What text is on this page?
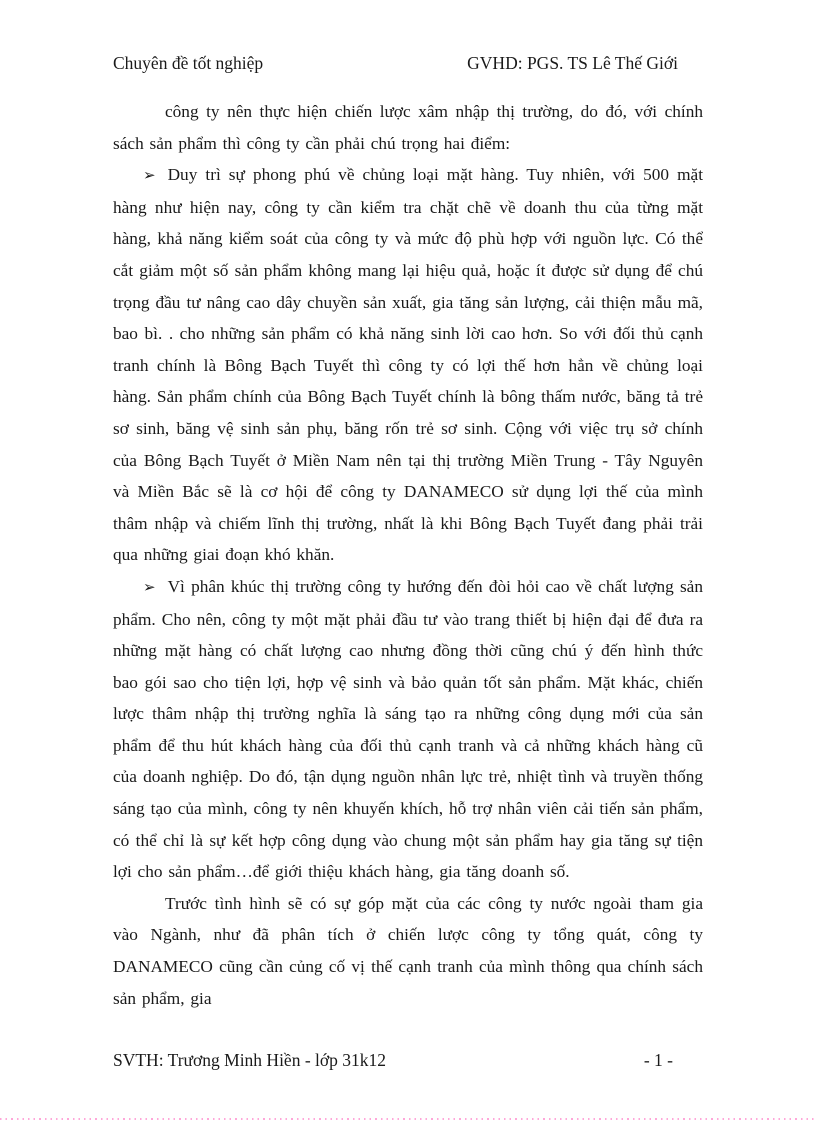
Chuyên đề tốt nghiệp	GVHD: PGS. TS Lê Thế Giới

công ty nên thực hiện chiến lược xâm nhập thị trường, do đó, với chính sách sản phẩm thì công ty cần phải chú trọng hai điểm:

➢ Duy trì sự phong phú về chủng loại mặt hàng. Tuy nhiên, với 500 mặt hàng như hiện nay, công ty cần kiểm tra chặt chẽ về doanh thu của từng mặt hàng, khả năng kiểm soát của công ty và mức độ phù hợp với nguồn lực. Có thể cắt giảm một số sản phẩm không mang lại hiệu quả, hoặc ít được sử dụng để chú trọng đầu tư nâng cao dây chuyền sản xuất, gia tăng sản lượng, cải thiện mẫu mã, bao bì. . cho những sản phẩm có khả năng sinh lời cao hơn. So với đối thủ cạnh tranh chính là Bông Bạch Tuyết thì công ty có lợi thế hơn hẳn về chủng loại hàng. Sản phẩm chính của Bông Bạch Tuyết chính là bông thấm nước, băng tả trẻ sơ sinh, băng vệ sinh sản phụ, băng rốn trẻ sơ sinh. Cộng với việc trụ sở chính của Bông Bạch Tuyết ở Miền Nam nên tại thị trường Miền Trung - Tây Nguyên và Miền Bắc sẽ là cơ hội để công ty DANAMECO sử dụng lợi thế của mình thâm nhập và chiếm lĩnh thị trường, nhất là khi Bông Bạch Tuyết đang phải trải qua những giai đoạn khó khăn.

➢ Vì phân khúc thị trường công ty hướng đến đòi hỏi cao về chất lượng sản phẩm. Cho nên, công ty một mặt phải đầu tư vào trang thiết bị hiện đại để đưa ra những mặt hàng có chất lượng cao nhưng đồng thời cũng chú ý đến hình thức bao gói sao cho tiện lợi, hợp vệ sinh và bảo quản tốt sản phẩm. Mặt khác, chiến lược thâm nhập thị trường nghĩa là sáng tạo ra những công dụng mới của sản phẩm để thu hút khách hàng của đối thủ cạnh tranh và cả những khách hàng cũ của doanh nghiệp. Do đó, tận dụng nguồn nhân lực trẻ, nhiệt tình và truyền thống sáng tạo của mình, công ty nên khuyến khích, hỗ trợ nhân viên cải tiến sản phẩm, có thể chỉ là sự kết hợp công dụng vào chung một sản phẩm hay gia tăng sự tiện lợi cho sản phẩm…để giới thiệu khách hàng, gia tăng doanh số.

Trước tình hình sẽ có sự góp mặt của các công ty nước ngoài tham gia vào Ngành, như đã phân tích ở chiến lược công ty tổng quát, công ty DANAMECO cũng cần củng cố vị thế cạnh tranh của mình thông qua chính sách sản phẩm, gia

SVTH: Trương Minh Hiền - lớp 31k12	- 1 -
